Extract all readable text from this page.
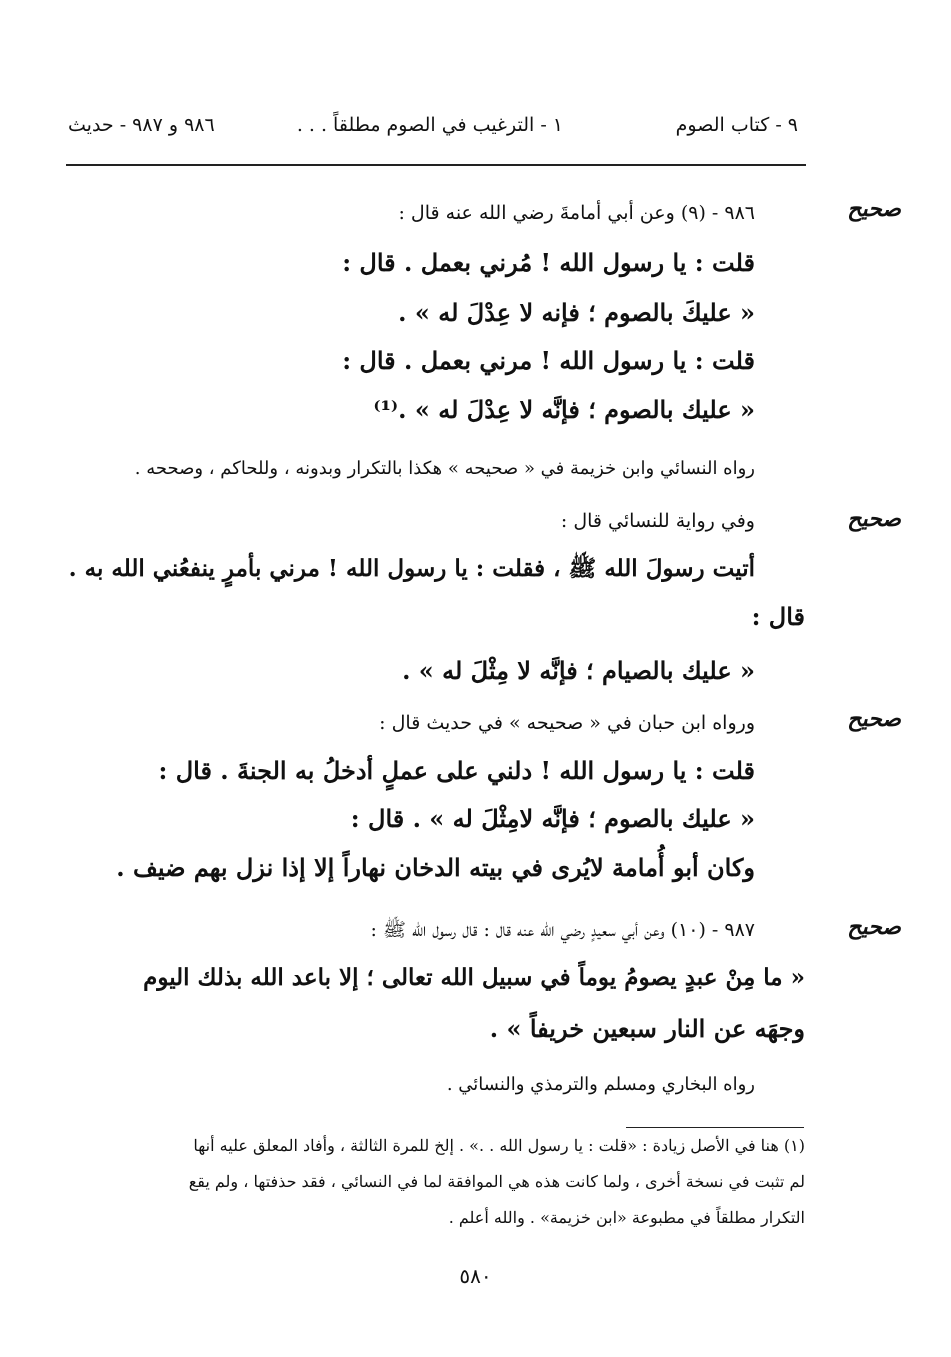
٩ - كتاب الصوم
١ - الترغيب في الصوم مطلقاً . . .
٩٨٦ و ٩٨٧ - حديث
صحيح
٩٨٦ - (٩) وعن أبي أمامةَ رضي الله عنه قال :
قلت : يا رسول الله ! مُرني بعمل . قال :
« عليكَ بالصوم ؛ فإنه لا عِدْلَ له » .
قلت : يا رسول الله ! مرني بعمل . قال :
« عليك بالصوم ؛ فإنَّه لا عِدْلَ له » .⁽¹⁾
رواه النسائي وابن خزيمة في « صحيحه » هكذا بالتكرار وبدونه ، وللحاكم ، وصححه .
صحيح
وفي رواية للنسائي قال :
أتيت رسولَ الله ﷺ ، فقلت : يا رسول الله ! مرني بأمرٍ ينفعُني الله به .
قال :
« عليك بالصيام ؛ فإنَّه لا مِثْلَ له » .
صحيح
ورواه ابن حبان في « صحيحه » في حديث قال :
قلت : يا رسول الله ! دلني على عملٍ أدخلُ به الجنةَ . قال :
« عليك بالصوم ؛ فإنَّه لامِثْلَ له » . قال :
وكان أبو أُمامة لايُرى في بيته الدخان نهاراً إلا إذا نزل بهم ضيف .
صحيح
٩٨٧ - (١٠) وعن أبي سعيدٍ رضي الله عنه قال : قال رسول الله ﷺ :
« ما مِنْ عبدٍ يصومُ يوماً في سبيل الله تعالى ؛ إلا باعد الله بذلك اليوم
وجهَه عن النار سبعين خريفاً » .
رواه البخاري ومسلم والترمذي والنسائي .
(١) هنا في الأصل زيادة : «قلت : يا رسول الله . .» . إلخ للمرة الثالثة ، وأفاد المعلق عليه أنها
لم تثبت في نسخة أخرى ، ولما كانت هذه هي الموافقة لما في النسائي ، فقد حذفتها ، ولم يقع
التكرار مطلقاً في مطبوعة «ابن خزيمة» . والله أعلم .
٥٨٠
